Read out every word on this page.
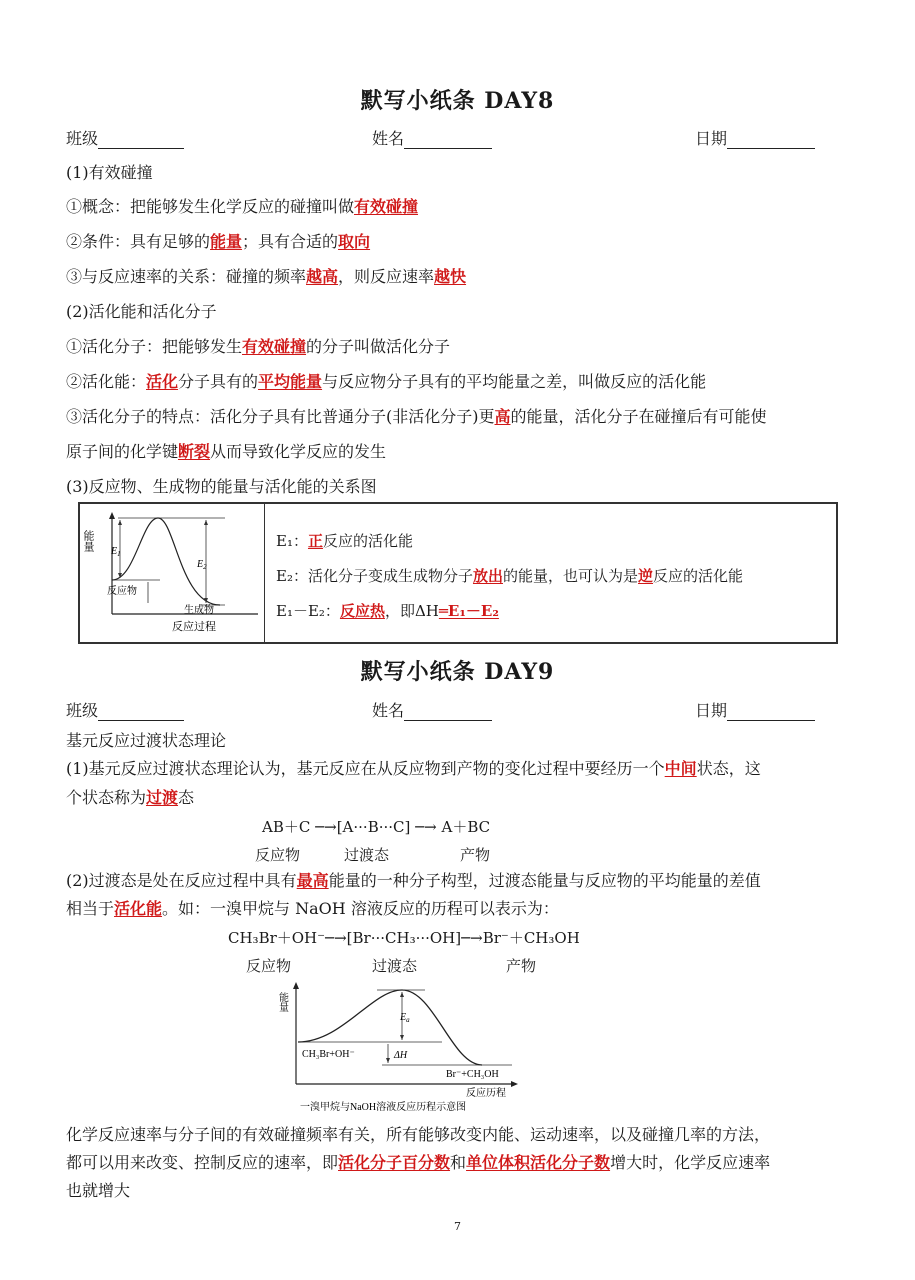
默写小纸条 DAY8
班级	姓名	日期
(1)有效碰撞
①概念：把能够发生化学反应的碰撞叫做有效碰撞
②条件：具有足够的能量；具有合适的取向
③与反应速率的关系：碰撞的频率越高，则反应速率越快
(2)活化能和活化分子
①活化分子：把能够发生有效碰撞的分子叫做活化分子
②活化能：活化分子具有的平均能量与反应物分子具有的平均能量之差，叫做反应的活化能
③活化分子的特点：活化分子具有比普通分子(非活化分子)更高的能量，活化分子在碰撞后有可能使
原子间的化学键断裂从而导致化学反应的发生
(3)反应物、生成物的能量与活化能的关系图
能量 $E_1$
$E_2$
反应物
生成物
反应过程
E₁：正反应的活化能
E₂：活化分子变成生成物分子放出的能量，也可认为是逆反应的活化能
E₁－E₂：反应热，即ΔH═E₁－E₂
默写小纸条 DAY9
班级	姓名	日期
基元反应过渡状态理论
(1)基元反应过渡状态理论认为，基元反应在从反应物到产物的变化过程中要经历一个中间状态，这
个状态称为过渡态
AB＋C ─→[A···B···C] ─→ A＋BC
反应物	过渡态	产物
(2)过渡态是处在反应过程中具有最高能量的一种分子构型，过渡态能量与反应物的平均能量的差值
相当于活化能。如：一溴甲烷与 NaOH 溶液反应的历程可以表示为：
CH₃Br＋OH⁻─→[Br···CH₃···OH]─→Br⁻＋CH₃OH
反应物	过渡态	产物
能量
$E_a$
ΔH
CH₃Br+OH⁻
Br⁻+CH₃OH
反应历程
一溴甲烷与NaOH溶液反应历程示意图
化学反应速率与分子间的有效碰撞频率有关，所有能够改变内能、运动速率，以及碰撞几率的方法，
都可以用来改变、控制反应的速率，即活化分子百分数和单位体积活化分子数增大时，化学反应速率
也就增大
7
